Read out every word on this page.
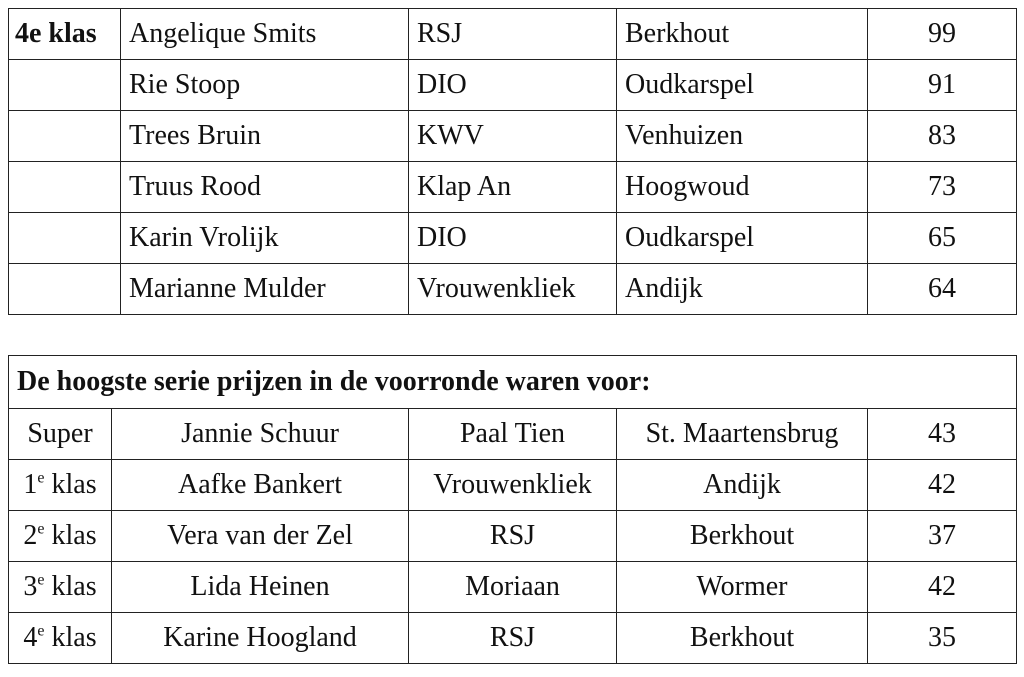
4e klas	Angelique Smits	RSJ	Berkhout	99
	Rie Stoop	DIO	Oudkarspel	91
	Trees Bruin	KWV	Venhuizen	83
	Truus Rood	Klap An	Hoogwoud	73
	Karin Vrolijk	DIO	Oudkarspel	65
	Marianne Mulder	Vrouwenkliek	Andijk	64
De hoogste serie prijzen in de voorronde waren voor:				
Super	Jannie Schuur	Paal Tien	St. Maartensbrug	43
1e klas	Aafke Bankert	Vrouwenkliek	Andijk	42
2e klas	Vera van der Zel	RSJ	Berkhout	37
3e klas	Lida Heinen	Moriaan	Wormer	42
4e klas	Karine Hoogland	RSJ	Berkhout	35
